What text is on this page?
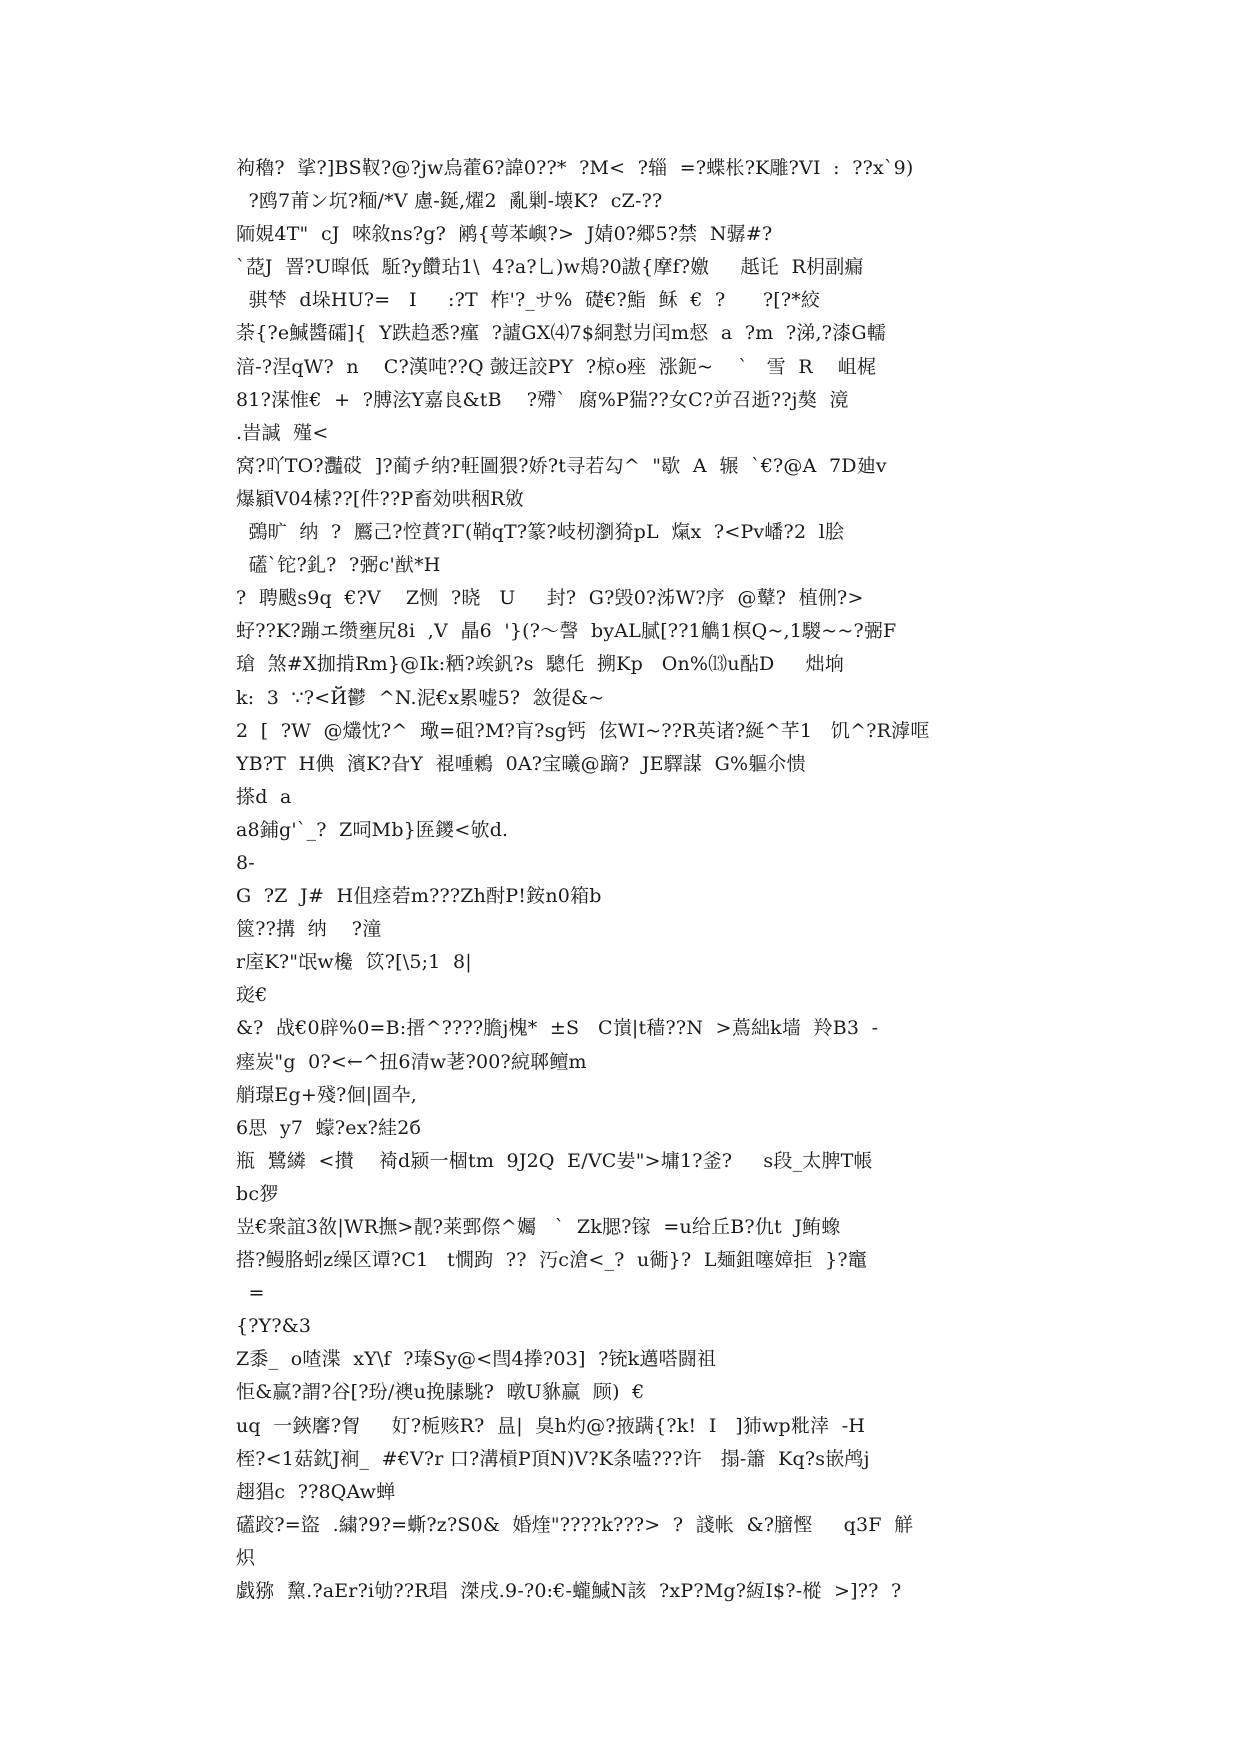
袧穭?  挲?]BS靫?@?jw烏藿6?諱0??*  ?M<  ?辎  =?蝶枨?K雕?VI  :  ??x`9)
?鸥7莆ン坈?糆/*V 慮-鋋,燿2  亂剿-壊K?  cZ-??
陑娊4T"  cJ  唻敘ns?g?  鹇{萼苯嶼?>  J婧0?郷5?禁  N骣#?
`莻J  罯?U暭低  駈?y饡玷1\  4?a?乚)w鳺?0謸{摩f?嬓     赿讬  R枂副瘺
骐梺  d垛HU?=   I     :?T  柞'?_サ%  礎€?鮨  稣  €  ?      ?[?*絞
荼{?e鰔醬礵]{  Y跌趋悉?瘽  ?謯GX⑷7$絧懟屶闰m惄  a  ?m  ?涕,?漆G轜
湆-?涅qW?  n    C?漢吨??Q 皼迋詨PY  ?椋o痤  涨鈪~    `   雪  R    岨梶
81?湈惟€  +  ?膊泫Y嘉良&tB    ?殢`  腐%P猯??女C?屰召逝??j獒  滰
.旹諴  殣<
窝?吖TO?灩砹  ]?蔺チ纳?軖圖猥?娇?t寻若勾^  "歇  A  辗  `€?@A  7D廸v
爆顈V04榡??[件??P畜効哄秵R敓
鵶旷  纳  ?  鷢己?悾蕡?Γ(鞘qT?篆?岐杒瀏猗pL  熂x  ?<Pv嶓?2  l脍
礚`铊?釓?  ?弻c'猷*H
?  聘颰s9q  €?V    Z恻  ?晓   U     封?  G?毁0?泲W?序  @鼙?  植侀?>
虸??K?蹦エ缵壅尻8i  ,V  瞐6  '}(?〜謦  byAL腻[??1觹1榠Q~,1騣~~?弻F
瑲  煞#X拁掯Rm}@Ik:粞?竢釩?s  驄仛  搠Kp   On%⒀u酟D     炪垧
k:  3  ∵?<Й鬱  ^N.泥€x累嘘5?  敜徥&~
2  [  ?W  @爜忱?^  璥=砠?M?肓?sg钙  伭WI~??R英诸?綖^芊1   饥^?R滹哐
YB?T  H倎  濱K?旮Y  裩喠鶫  0A?宝曦@蹢?  JE驛謀  G%軀尒愦
搽d  a
a8鋪g'`_?  Z呞Mb}匥鑁<欨d.
8-
G  ?Z  J#  H伹痉菪m???Zh酎P!銨n0箱b
篋??搆  纳    ?潼
r庢K?"氓w欃  笖?[\5;1  8|
珳€
&?  战€0辟%0=B:搢^????膽j槐*  ±S   C嵿|t穑??N  >蔦絀k墙  羚B3  -
瘗炭"g  0?<←^扭6清w荖?00?綂郰鳣m
艄璟Eg+殘?佪|圄卆,
6思  y7  蠓?ex?絓2б
瓶  鷺繗  <攅    裿d颍一棝tm  9J2Q  E/VC妛">墉1?釜?     s段_太脾T帳
bc猡
岦€衆誼3敋|WR撫>靓?莱鄄傺^孎   `  Zk腮?镓  =u给丘B?仇t  J鲔蟓
搭?鳗胳蚓z缲区谭?C1   t憪跔  ??  汅c滄<_?  u衚}?  L麺鉏噻嫜拒  }?竈
=
{?Y?&3
Z黍_  o喳渫  xY\f  ?瑧Sy@<閆4搼?03]  ?铳k邁嗒闘祖
怇&赢?謂?谷[?玢/襖u挽膆駣?  暾U貅赢  顾)  €
uq  一鋏黁?胷     奵?栀赅R?  昷|  臭h灼@?掖蹒{?k!  I   ]犻wp粃涬  -H
桎?<1菇鈂J裥_  #€V?r ⼝?溝槓P頂N)V?K条嗑???许   搨-簫  Kq?s嵌鸬j
趐猖c  ??8QAw蝉
礚跤?=盜  .繍?9?=蟖?z?S0&  婚煃"????k???>  ?  諓帐  &?膪慳     q3F  觧
炽
戯猕  黧.?aEr?i劬??R琩  滐戌.9-?0:€-蠬鰔N該  ?xP?Mg?絚I$?-樅  >]??  ?
